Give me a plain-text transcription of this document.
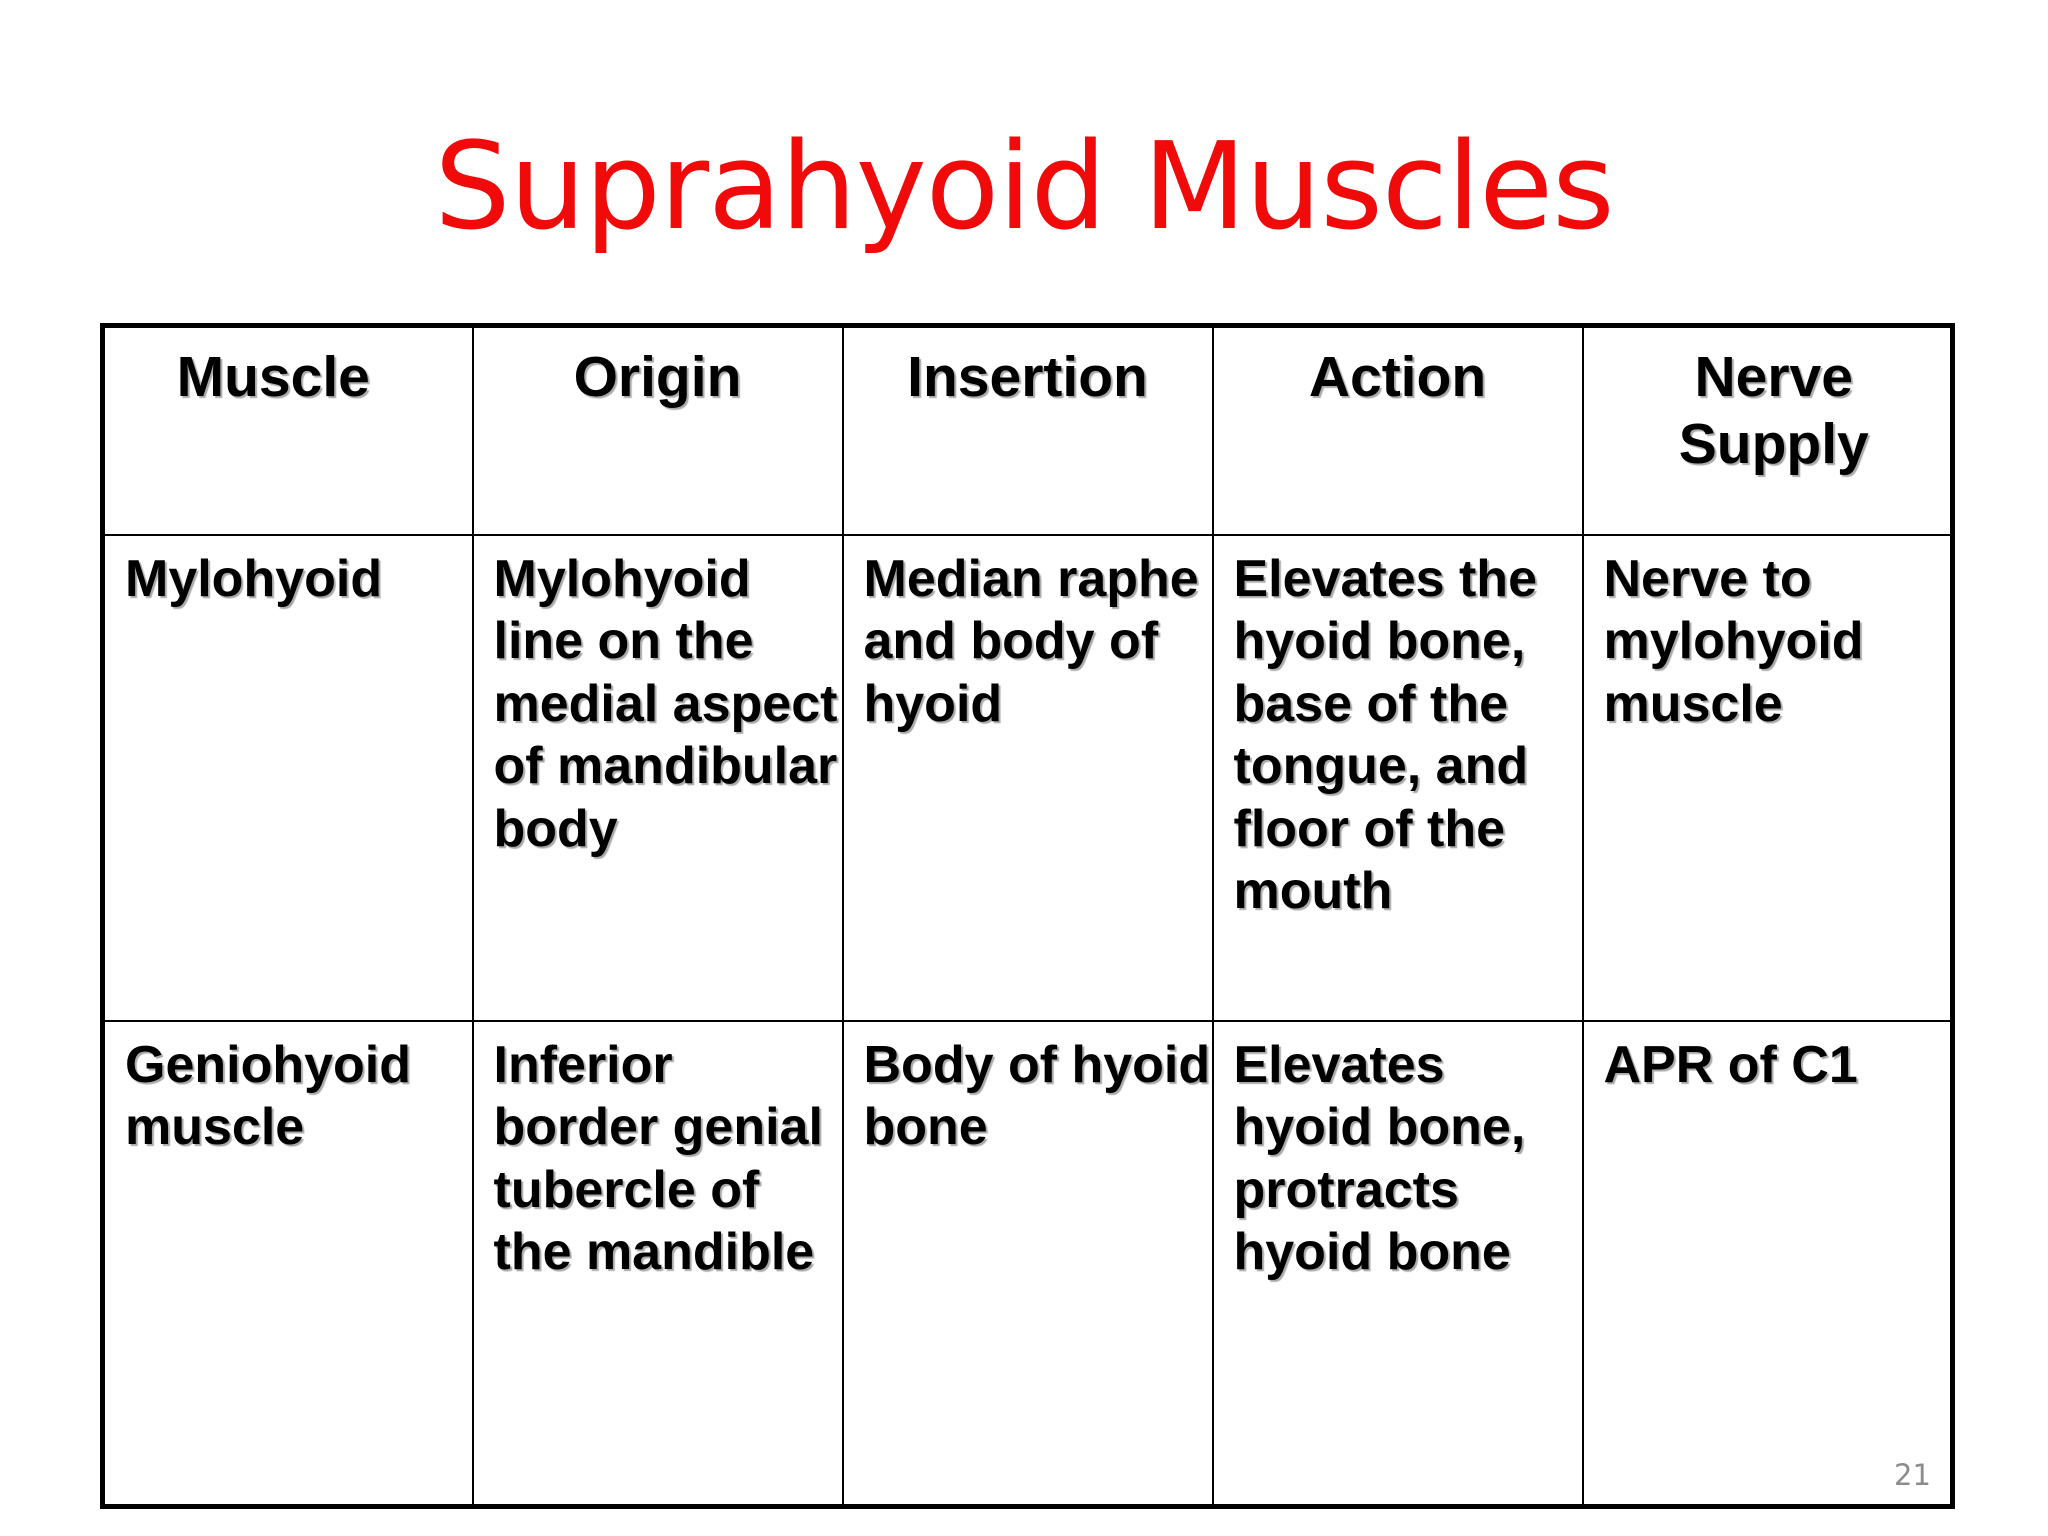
Suprahyoid Muscles
Muscle	Origin	Insertion	Action	Nerve Supply

Mylohyoid	Mylohyoid line on the medial aspect of mandibular body	Median raphe and body of hyoid	Elevates the hyoid bone, base of the tongue, and floor of the mouth	Nerve to mylohyoid muscle

Geniohyoid muscle	Inferior border genial tubercle of the mandible	Body of hyoid bone	Elevates hyoid bone, protracts hyoid bone	APR of C1
21
